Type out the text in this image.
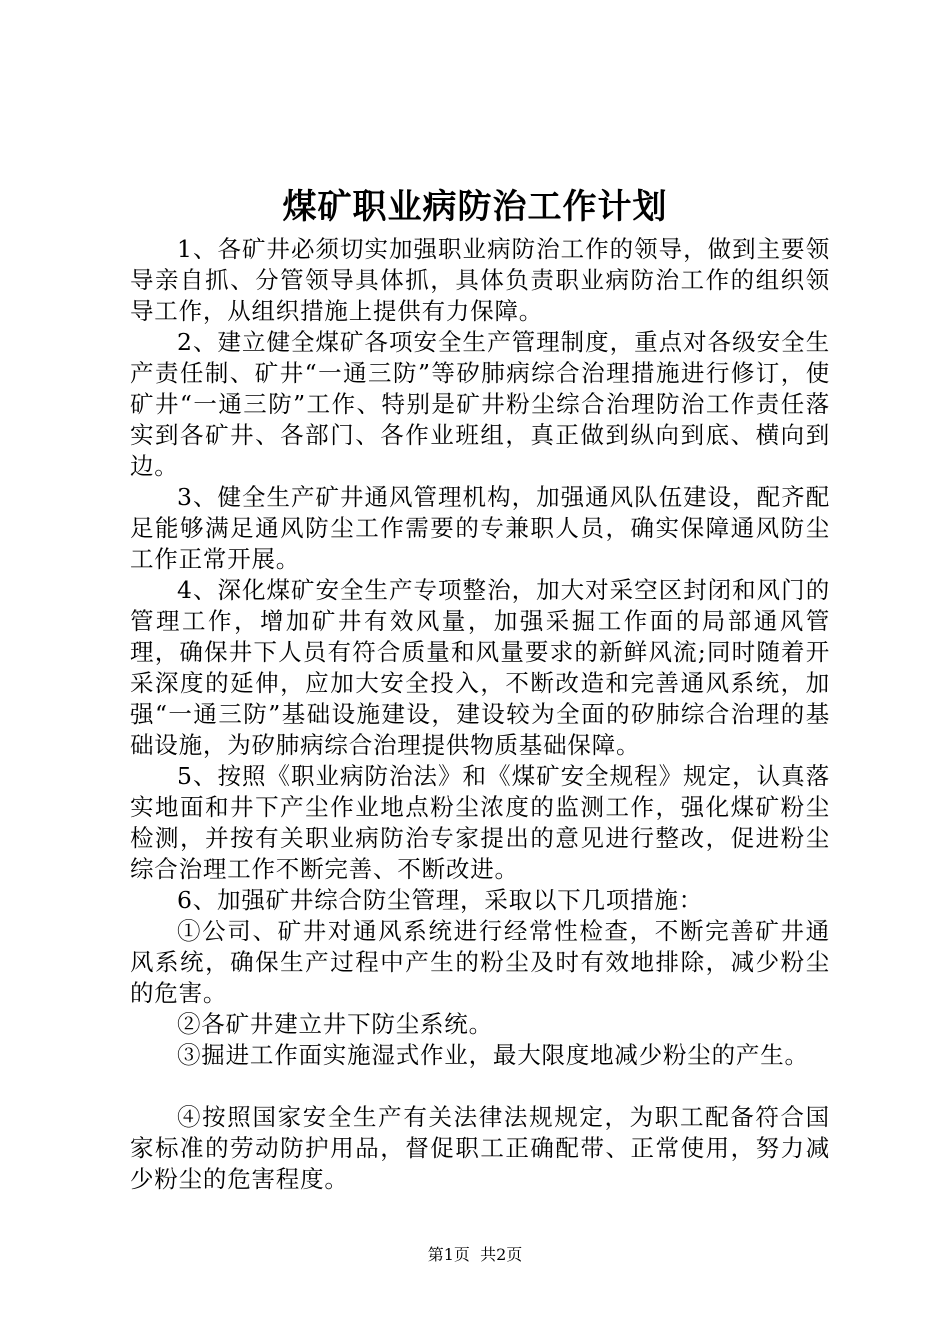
煤矿职业病防治工作计划

1、各矿井必须切实加强职业病防治工作的领导，做到主要领导亲自抓、分管领导具体抓，具体负责职业病防治工作的组织领导工作，从组织措施上提供有力保障。

2、建立健全煤矿各项安全生产管理制度，重点对各级安全生产责任制、矿井“一通三防”等矽肺病综合治理措施进行修订，使矿井“一通三防”工作、特别是矿井粉尘综合治理防治工作责任落实到各矿井、各部门、各作业班组，真正做到纵向到底、横向到边。

3、健全生产矿井通风管理机构，加强通风队伍建设，配齐配足能够满足通风防尘工作需要的专兼职人员，确实保障通风防尘工作正常开展。

4、深化煤矿安全生产专项整治，加大对采空区封闭和风门的管理工作，增加矿井有效风量，加强采掘工作面的局部通风管理，确保井下人员有符合质量和风量要求的新鲜风流;同时随着开采深度的延伸，应加大安全投入，不断改造和完善通风系统，加强“一通三防”基础设施建设，建设较为全面的矽肺综合治理的基础设施，为矽肺病综合治理提供物质基础保障。

5、按照《职业病防治法》和《煤矿安全规程》规定，认真落实地面和井下产尘作业地点粉尘浓度的监测工作，强化煤矿粉尘检测，并按有关职业病防治专家提出的意见进行整改，促进粉尘综合治理工作不断完善、不断改进。

6、加强矿井综合防尘管理，采取以下几项措施：

①公司、矿井对通风系统进行经常性检查，不断完善矿井通风系统，确保生产过程中产生的粉尘及时有效地排除，减少粉尘的危害。

②各矿井建立井下防尘系统。

③掘进工作面实施湿式作业，最大限度地减少粉尘的产生。

④按照国家安全生产有关法律法规规定，为职工配备符合国家标准的劳动防护用品，督促职工正确配带、正常使用，努力减少粉尘的危害程度。

第1页 共2页
